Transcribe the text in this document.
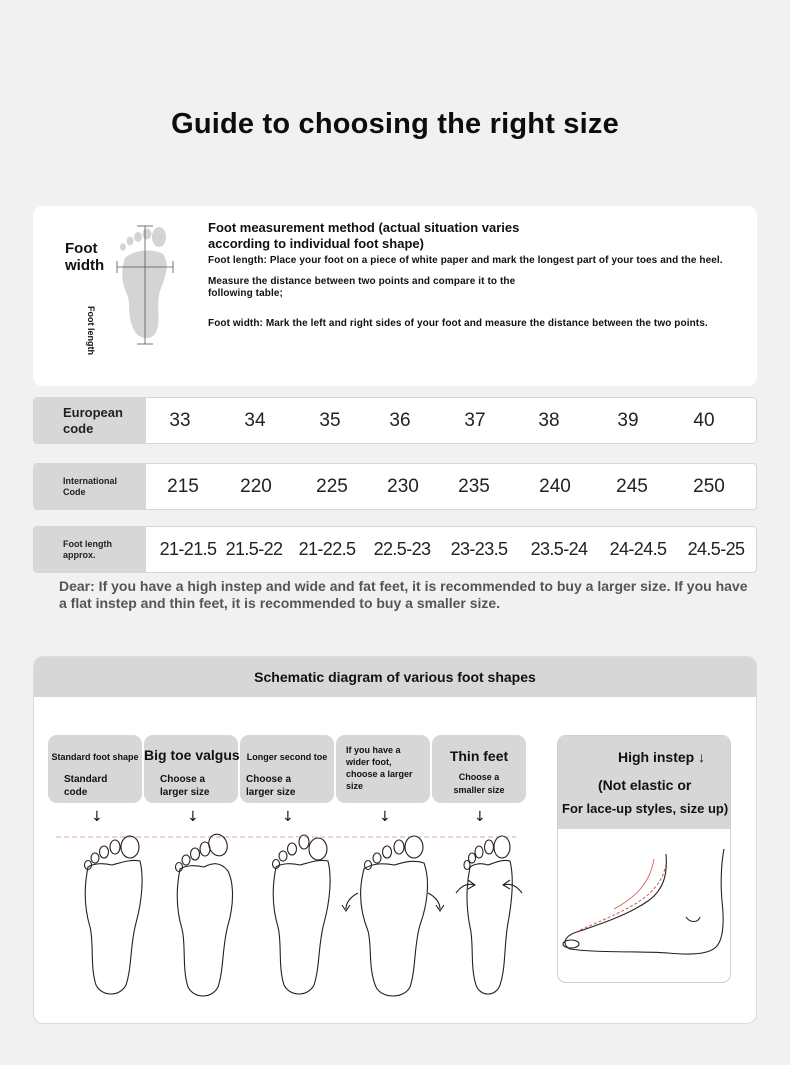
Guide to choosing the right size
Foot
width
Foot length
Foot measurement method (actual situation varies
according to individual foot shape)
Foot length: Place your foot on a piece of white paper and mark the longest part of your toes and the heel.
Measure the distance between two points and compare it to the following table;
Foot width: Mark the left and right sides of your foot and measure the distance between the two points.
European
code	33	34	35	36	37	38	39	40
International
Code	215	220	225	230	235	240	245	250
Foot length
approx.	21-21.5 21.5-22 21-22.5	22.5-23	23-23.5	23.5-24	24-24.5	24.5-25
Dear: If you have a high instep and wide and fat feet, it is recommended to buy a larger size. If you have a flat instep and thin feet, it is recommended to buy a smaller size.
Schematic diagram of various foot shapes
Standard foot shape
Standard
code
Big toe valgus
Choose a
larger size
Longer second toe
Choose a
larger size
If you have a
wider foot,
choose a larger
size
Thin feet
Choose a
smaller size
↓	↓	↓	↓	↓
High instep ↓
(Not elastic or
For lace-up styles, size up)
